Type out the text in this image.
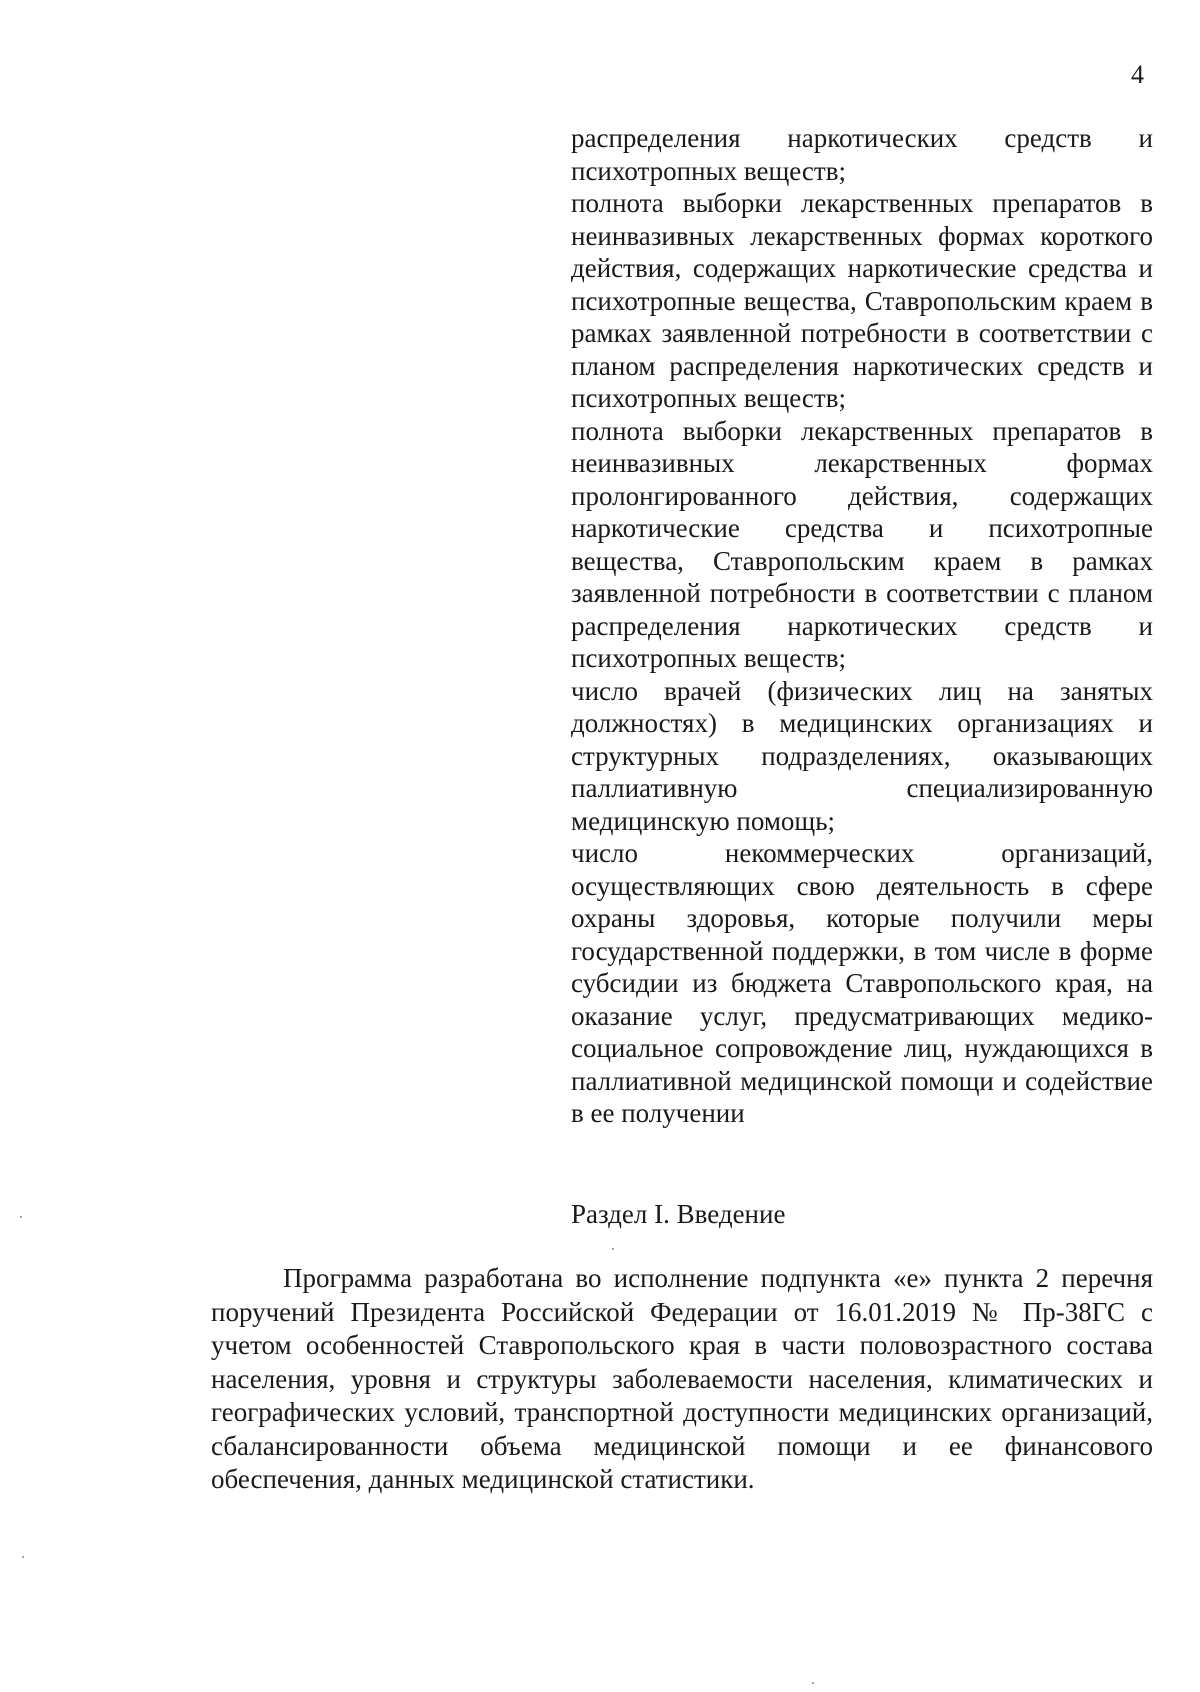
4

распределения наркотических средств и психотропных веществ;

полнота выборки лекарственных препаратов в неинвазивных лекарственных формах короткого действия, содержащих наркотические средства и психотропные вещества, Ставропольским краем в рамках заявленной потребности в соответствии с планом распределения наркотических средств и психотропных веществ;

полнота выборки лекарственных препаратов в неинвазивных лекарственных формах пролонгированного действия, содержащих наркотические средства и психотропные вещества, Ставропольским краем в рамках заявленной потребности в соответствии с планом распределения наркотических средств и психотропных веществ;

число врачей (физических лиц на занятых должностях) в медицинских организациях и структурных подразделениях, оказывающих паллиативную специализированную медицинскую помощь;

число некоммерческих организаций, осуществляющих свою деятельность в сфере охраны здоровья, которые получили меры государственной поддержки, в том числе в форме субсидии из бюджета Ставропольского края, на оказание услуг, предусматривающих медико-социальное сопровождение лиц, нуждающихся в паллиативной медицинской помощи и содействие в ее получении

Раздел I. Введение

Программа разработана во исполнение подпункта «е» пункта 2 перечня поручений Президента Российской Федерации от 16.01.2019 № Пр-38ГС с учетом особенностей Ставропольского края в части половозрастного состава населения, уровня и структуры заболеваемости населения, климатических и географических условий, транспортной доступности медицинских организаций, сбалансированности объема медицинской помощи и ее финансового обеспечения, данных медицинской статистики.
